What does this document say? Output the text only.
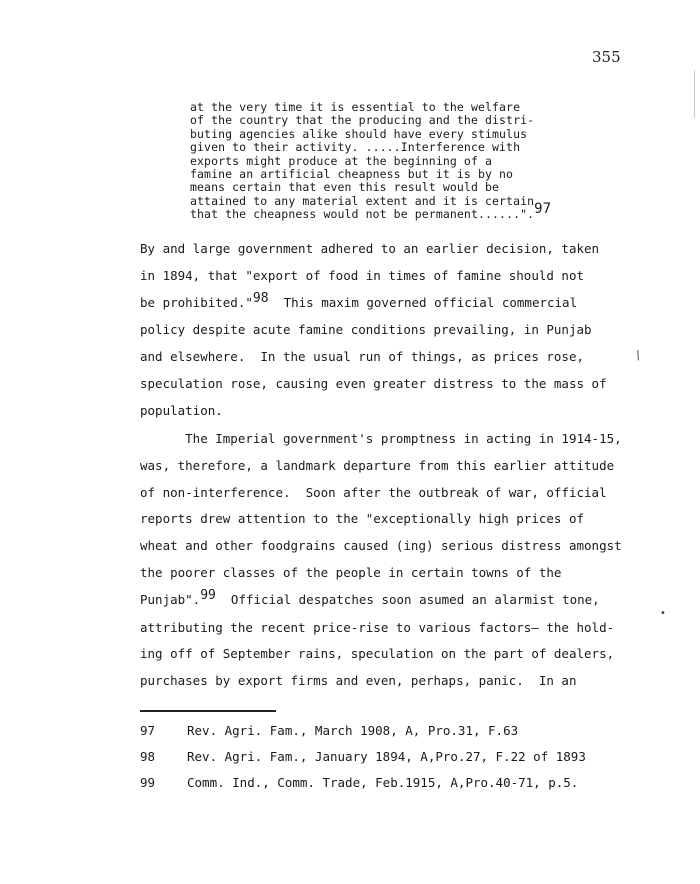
355
at the very time it is essential to the welfare
of the country that the producing and the distri-
buting agencies alike should have every stimulus
given to their activity. .....Interference with
exports might produce at the beginning of a
famine an artificial cheapness but it is by no
means certain that even this result would be
attained to any material extent and it is certain
that the cheapness would not be permanent......".97
By and large government adhered to an earlier decision, taken
in 1894, that "export of food in times of famine should not
be prohibited."98  This maxim governed official commercial
policy despite acute famine conditions prevailing, in Punjab
and elsewhere.  In the usual run of things, as prices rose,
speculation rose, causing even greater distress to the mass of
population.
The Imperial government's promptness in acting in 1914-15,
was, therefore, a landmark departure from this earlier attitude
of non-interference.  Soon after the outbreak of war, official
reports drew attention to the "exceptionally high prices of
wheat and other foodgrains caused (ing) serious distress amongst
the poorer classes of the people in certain towns of the
Punjab".99  Official despatches soon asumed an alarmist tone,
attributing the recent price-rise to various factors— the hold-
ing off of September rains, speculation on the part of dealers,
purchases by export firms and even, perhaps, panic.  In an
∕
•
97	Rev. Agri. Fam., March 1908, A, Pro.31, F.63
98	Rev. Agri. Fam., January 1894, A,Pro.27, F.22 of 1893
99	Comm. Ind., Comm. Trade, Feb.1915, A,Pro.40-71, p.5.
